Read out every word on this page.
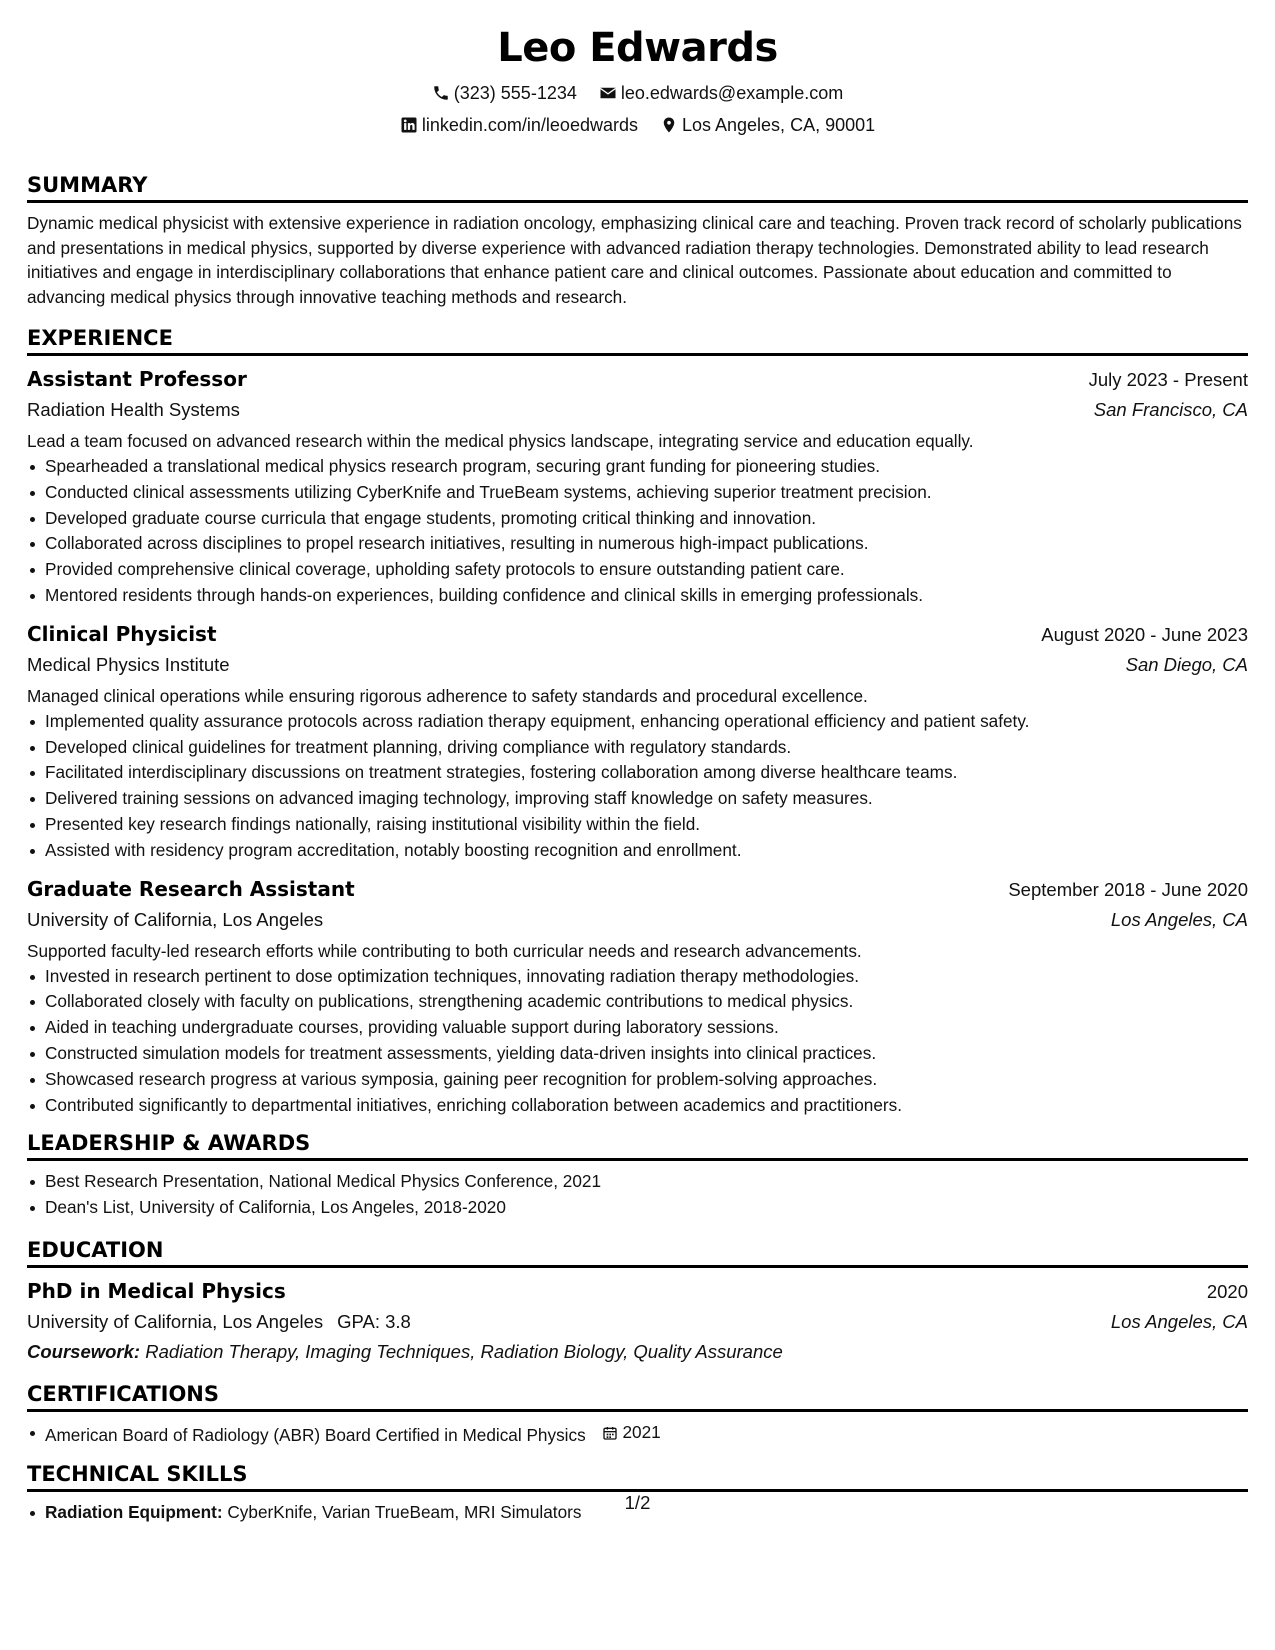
Leo Edwards
(323) 555-1234 leo.edwards@example.com
linkedin.com/in/leoedwards Los Angeles, CA, 90001
SUMMARY

Dynamic medical physicist with extensive experience in radiation oncology, emphasizing clinical care and teaching. Proven track record of scholarly publications and presentations in medical physics, supported by diverse experience with advanced radiation therapy technologies. Demonstrated ability to lead research initiatives and engage in interdisciplinary collaborations that enhance patient care and clinical outcomes. Passionate about education and committed to advancing medical physics through innovative teaching methods and research.

EXPERIENCE
Assistant Professor	July 2023 - Present
Radiation Health Systems	San Francisco, CA
Lead a team focused on advanced research within the medical physics landscape, integrating service and education equally.
Spearheaded a translational medical physics research program, securing grant funding for pioneering studies.
Conducted clinical assessments utilizing CyberKnife and TrueBeam systems, achieving superior treatment precision.
Developed graduate course curricula that engage students, promoting critical thinking and innovation.
Collaborated across disciplines to propel research initiatives, resulting in numerous high-impact publications.
Provided comprehensive clinical coverage, upholding safety protocols to ensure outstanding patient care.
Mentored residents through hands-on experiences, building confidence and clinical skills in emerging professionals.
Clinical Physicist	August 2020 - June 2023
Medical Physics Institute	San Diego, CA
Managed clinical operations while ensuring rigorous adherence to safety standards and procedural excellence.
Implemented quality assurance protocols across radiation therapy equipment, enhancing operational efficiency and patient safety.
Developed clinical guidelines for treatment planning, driving compliance with regulatory standards.
Facilitated interdisciplinary discussions on treatment strategies, fostering collaboration among diverse healthcare teams.
Delivered training sessions on advanced imaging technology, improving staff knowledge on safety measures.
Presented key research findings nationally, raising institutional visibility within the field.
Assisted with residency program accreditation, notably boosting recognition and enrollment.
Graduate Research Assistant	September 2018 - June 2020
University of California, Los Angeles	Los Angeles, CA
Supported faculty-led research efforts while contributing to both curricular needs and research advancements.
Invested in research pertinent to dose optimization techniques, innovating radiation therapy methodologies.
Collaborated closely with faculty on publications, strengthening academic contributions to medical physics.
Aided in teaching undergraduate courses, providing valuable support during laboratory sessions.
Constructed simulation models for treatment assessments, yielding data-driven insights into clinical practices.
Showcased research progress at various symposia, gaining peer recognition for problem-solving approaches.
Contributed significantly to departmental initiatives, enriching collaboration between academics and practitioners.
LEADERSHIP & AWARDS
Best Research Presentation, National Medical Physics Conference, 2021
Dean's List, University of California, Los Angeles, 2018-2020
EDUCATION
PhD in Medical Physics	2020
University of California, Los Angeles GPA: 3.8	Los Angeles, CA
Coursework: Radiation Therapy, Imaging Techniques, Radiation Biology, Quality Assurance
CERTIFICATIONS
American Board of Radiology (ABR) Board Certified in Medical Physics 2021
TECHNICAL SKILLS
Radiation Equipment: CyberKnife, Varian TrueBeam, MRI Simulators	1/2
